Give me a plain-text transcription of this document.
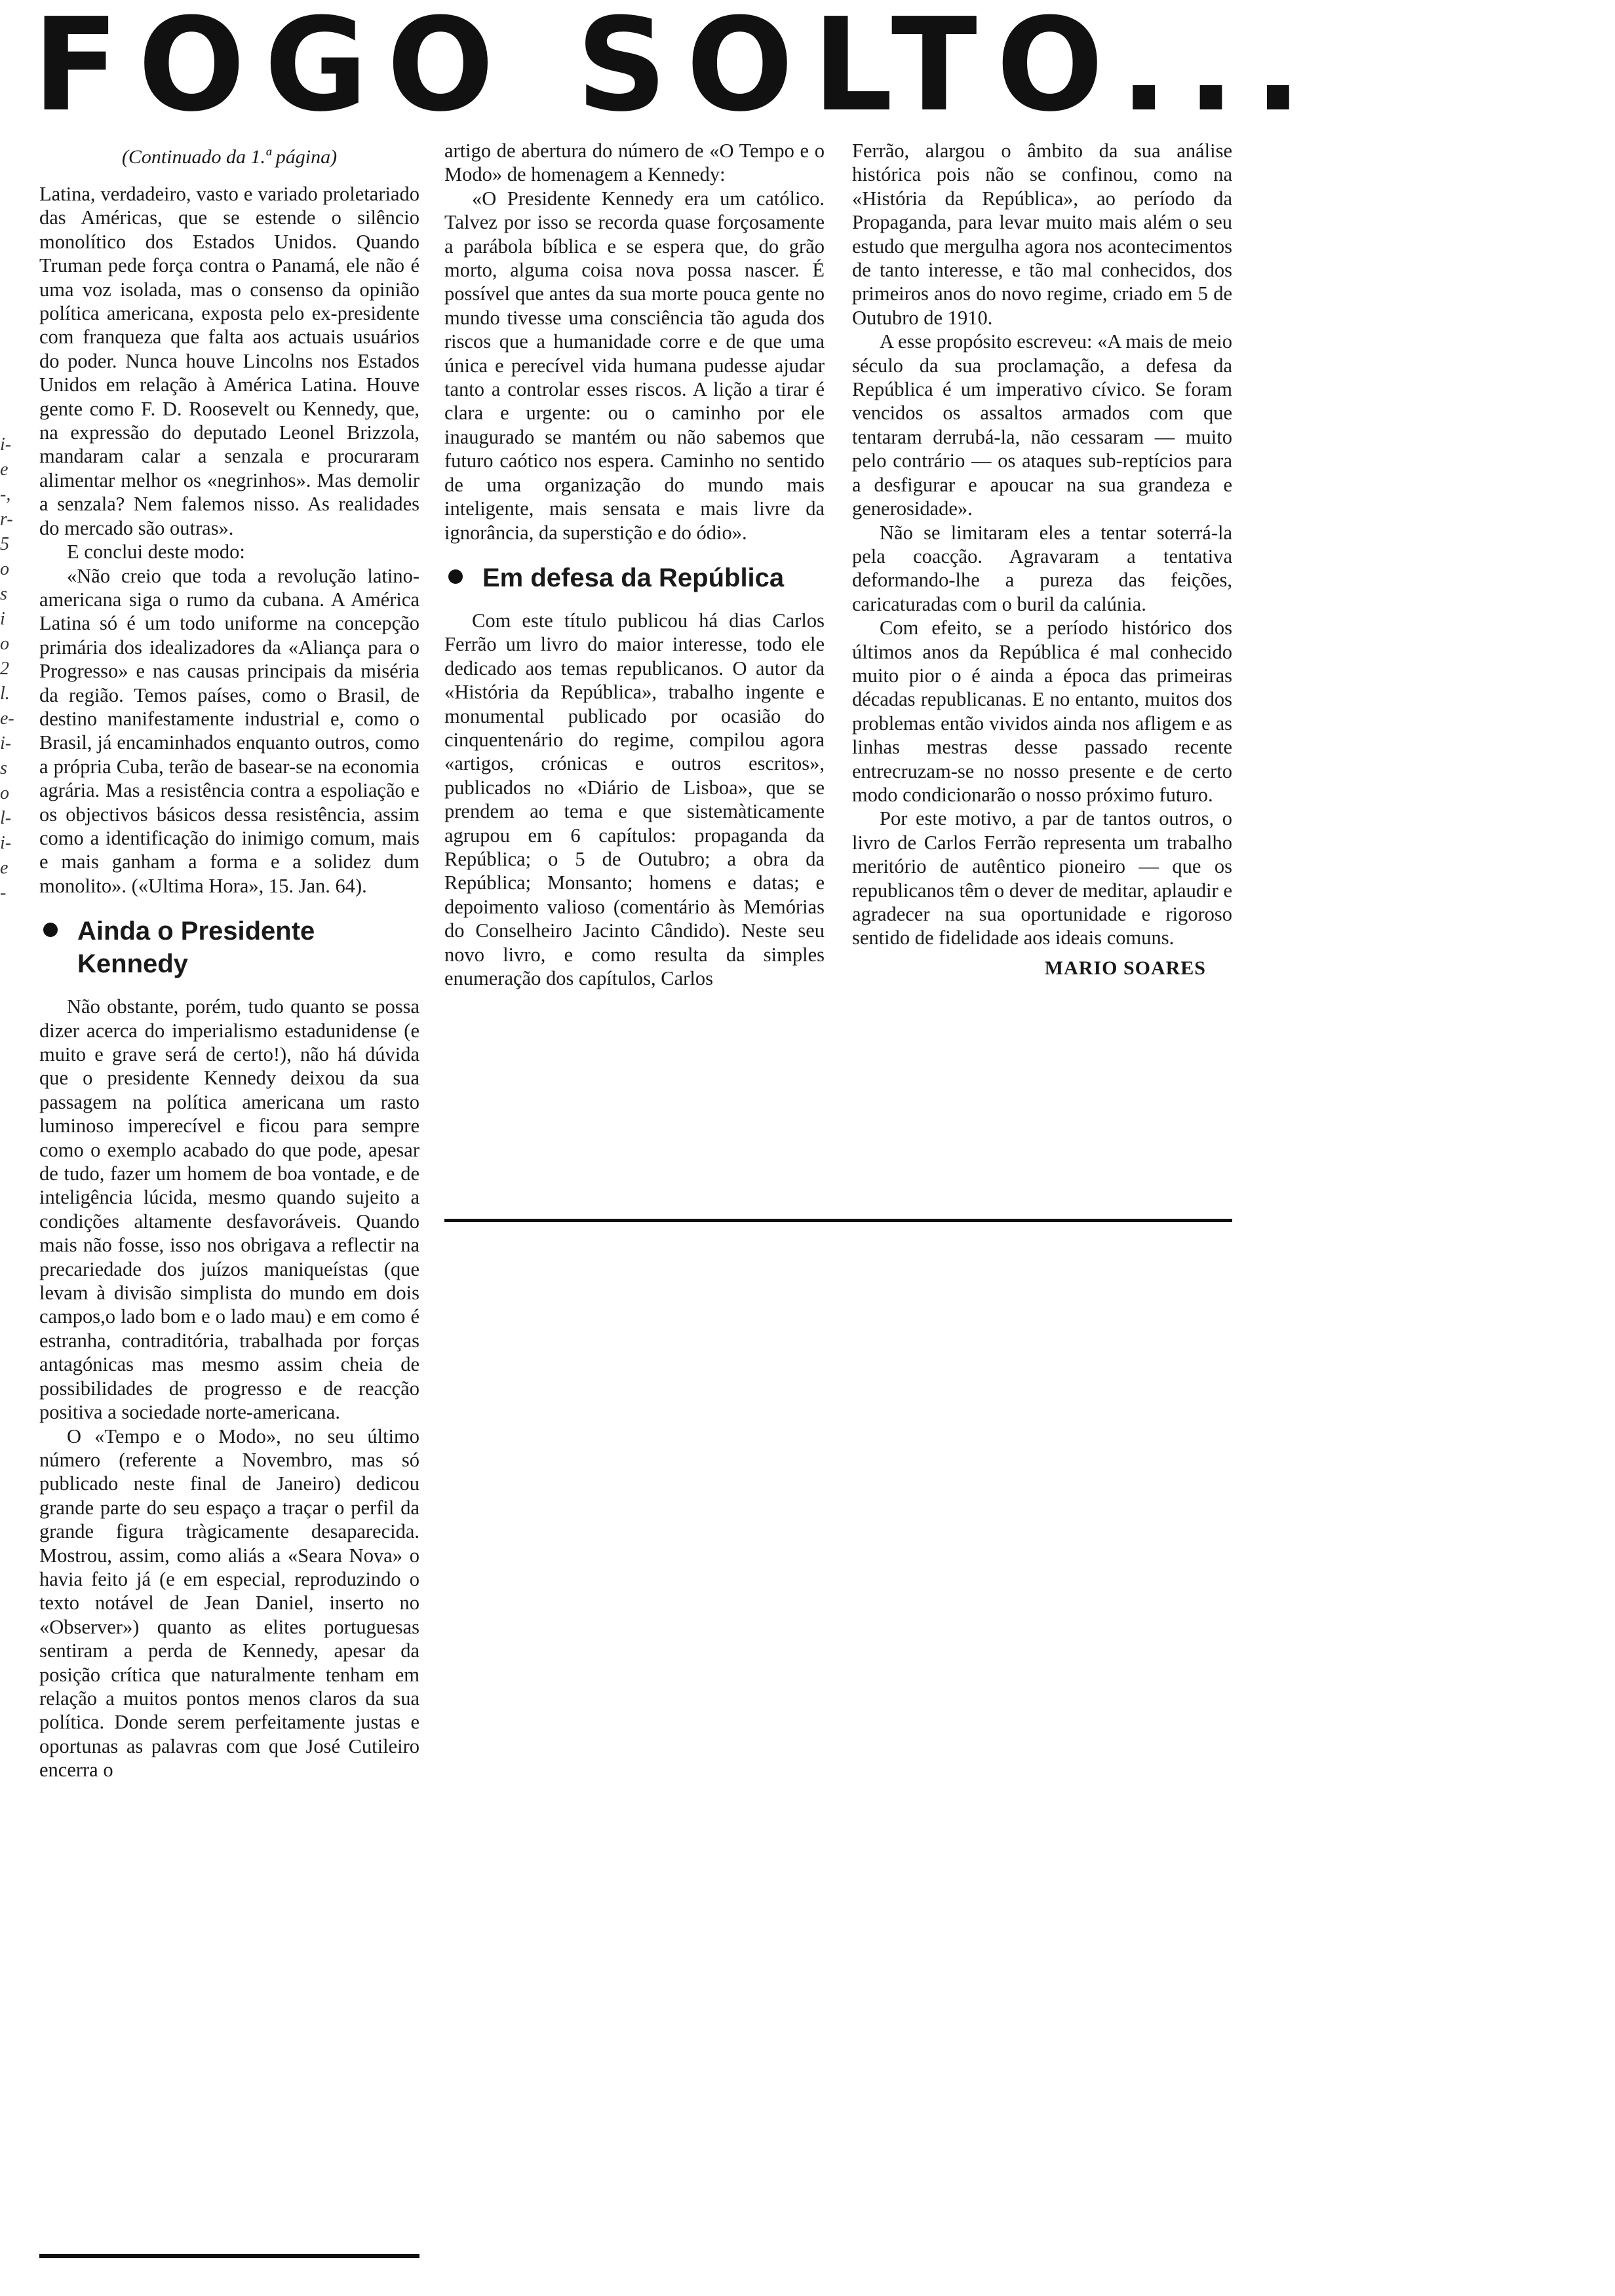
FOGO SOLTO...
i-
e
-,
r-
5
o
s
i
o
2
l.
e-
i-
s
o
l-
i-
e
-
(Continuado da 1.ª página)

Latina, verdadeiro, vasto e variado proletariado das Américas, que se estende o silêncio monolítico dos Estados Unidos. Quando Truman pede força contra o Panamá, ele não é uma voz isolada, mas o consenso da opinião política americana, exposta pelo ex-presidente com franqueza que falta aos actuais usuários do poder. Nunca houve Lincolns nos Estados Unidos em relação à América Latina. Houve gente como F. D. Roosevelt ou Kennedy, que, na expressão do deputado Leonel Brizzola, mandaram calar a senzala e procuraram alimentar melhor os «negrinhos». Mas demolir a senzala? Nem falemos nisso. As realidades do mercado são outras».

E conclui deste modo:

«Não creio que toda a revolução latino-americana siga o rumo da cubana. A América Latina só é um todo uniforme na concepção primária dos idealizadores da «Aliança para o Progresso» e nas causas principais da miséria da região. Temos países, como o Brasil, de destino manifestamente industrial e, como o Brasil, já encaminhados enquanto outros, como a própria Cuba, terão de basear-se na economia agrária. Mas a resistência contra a espoliação e os objectivos básicos dessa resistência, assim como a identificação do inimigo comum, mais e mais ganham a forma e a solidez dum monolito». («Ultima Hora», 15. Jan. 64).

Ainda o Presidente Kennedy

Não obstante, porém, tudo quanto se possa dizer acerca do imperialismo estadunidense (e muito e grave será de certo!), não há dúvida que o presidente Kennedy deixou da sua passagem na política americana um rasto luminoso imperecível e ficou para sempre como o exemplo acabado do que pode, apesar de tudo, fazer um homem de boa vontade, e de inteligência lúcida, mesmo quando sujeito a condições altamente desfavoráveis. Quando mais não fosse, isso nos obrigava a reflectir na precariedade dos juízos maniqueístas (que levam à divisão simplista do mundo em dois campos,o lado bom e o lado mau) e em como é estranha, contraditória, trabalhada por forças antagónicas mas mesmo assim cheia de possibilidades de progresso e de reacção positiva a sociedade norte-americana.

O «Tempo e o Modo», no seu último número (referente a Novembro, mas só publicado neste final de Janeiro) dedicou grande parte do seu espaço a traçar o perfil da grande figura tràgicamente desaparecida. Mostrou, assim, como aliás a «Seara Nova» o havia feito já (e em especial, reproduzindo o texto notável de Jean Daniel, inserto no «Observer») quanto as elites portuguesas sentiram a perda de Kennedy, apesar da posição crítica que naturalmente tenham em relação a muitos pontos menos claros da sua política. Donde serem perfeitamente justas e oportunas as palavras com que José Cutileiro encerra o

artigo de abertura do número de «O Tempo e o Modo» de homenagem a Kennedy:

«O Presidente Kennedy era um católico. Talvez por isso se recorda quase forçosamente a parábola bíblica e se espera que, do grão morto, alguma coisa nova possa nascer. É possível que antes da sua morte pouca gente no mundo tivesse uma consciência tão aguda dos riscos que a humanidade corre e de que uma única e perecível vida humana pudesse ajudar tanto a controlar esses riscos. A lição a tirar é clara e urgente: ou o caminho por ele inaugurado se mantém ou não sabemos que futuro caótico nos espera. Caminho no sentido de uma organização do mundo mais inteligente, mais sensata e mais livre da ignorância, da superstição e do ódio».

Em defesa da República

Com este título publicou há dias Carlos Ferrão um livro do maior interesse, todo ele dedicado aos temas republicanos. O autor da «História da República», trabalho ingente e monumental publicado por ocasião do cinquentenário do regime, compilou agora «artigos, crónicas e outros escritos», publicados no «Diário de Lisboa», que se prendem ao tema e que sistemàticamente agrupou em 6 capítulos: propaganda da República; o 5 de Outubro; a obra da República; Monsanto; homens e datas; e depoimento valioso (comentário às Memórias do Conselheiro Jacinto Cândido). Neste seu novo livro, e como resulta da simples enumeração dos capítulos, Carlos

Ferrão, alargou o âmbito da sua análise histórica pois não se confinou, como na «História da República», ao período da Propaganda, para levar muito mais além o seu estudo que mergulha agora nos acontecimentos de tanto interesse, e tão mal conhecidos, dos primeiros anos do novo regime, criado em 5 de Outubro de 1910.

A esse propósito escreveu: «A mais de meio século da sua proclamação, a defesa da República é um imperativo cívico. Se foram vencidos os assaltos armados com que tentaram derrubá-la, não cessaram — muito pelo contrário — os ataques sub-reptícios para a desfigurar e apoucar na sua grandeza e generosidade».

Não se limitaram eles a tentar soterrá-la pela coacção. Agravaram a tentativa deformando-lhe a pureza das feições, caricaturadas com o buril da calúnia.

Com efeito, se a período histórico dos últimos anos da República é mal conhecido muito pior o é ainda a época das primeiras décadas republicanas. E no entanto, muitos dos problemas então vividos ainda nos afligem e as linhas mestras desse passado recente entrecruzam-se no nosso presente e de certo modo condicionarão o nosso próximo futuro.

Por este motivo, a par de tantos outros, o livro de Carlos Ferrão representa um trabalho meritório de autêntico pioneiro — que os republicanos têm o dever de meditar, aplaudir e agradecer na sua oportunidade e rigoroso sentido de fidelidade aos ideais comuns.

MARIO SOARES
